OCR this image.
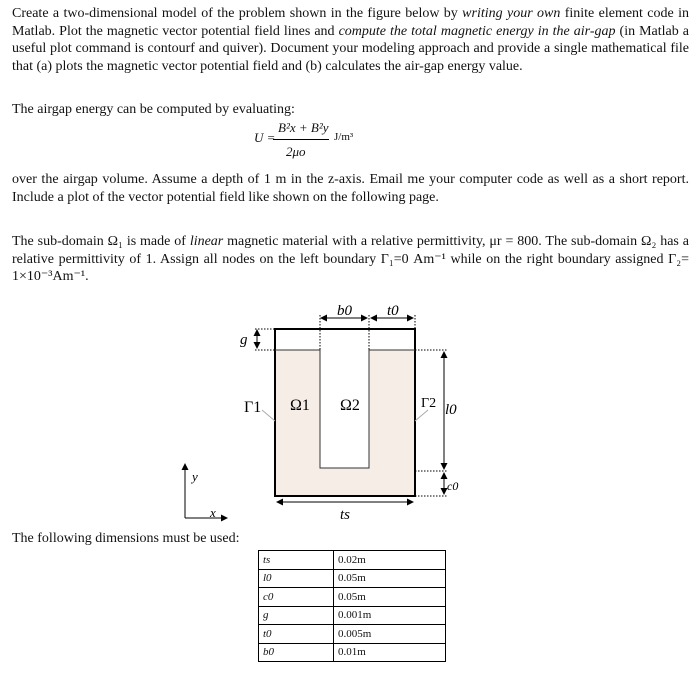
Create a two-dimensional model of the problem shown in the figure below by writing your own finite element code in Matlab. Plot the magnetic vector potential field lines and compute the total magnetic energy in the air-gap (in Matlab a useful plot command is contourf and quiver). Document your modeling approach and provide a single mathematical file that (a) plots the magnetic vector potential field and (b) calculates the air-gap energy value.

The airgap energy can be computed by evaluating:

U =
B²x + B²y
2μo
J/m³

over the airgap volume. Assume a depth of 1 m in the z-axis. Email me your computer code as well as a short report. Include a plot of the vector potential field like shown on the following page.

The sub-domain Ω₁ is made of linear magnetic material with a relative permittivity, μr = 800. The sub-domain Ω₂ has a relative permittivity of 1. Assign all nodes on the left boundary Γ₁=0 Am⁻¹ while on the right boundary assigned Γ₂= 1×10⁻³Am⁻¹.

b0 t0
g
l0
c0
ts
y
x
Γ1	Γ2
Ω1 Ω2

The following dimensions must be used:

ts	0.02m
l0	0.05m
c0	0.05m
g	0.001m
t0	0.005m
b0	0.01m
